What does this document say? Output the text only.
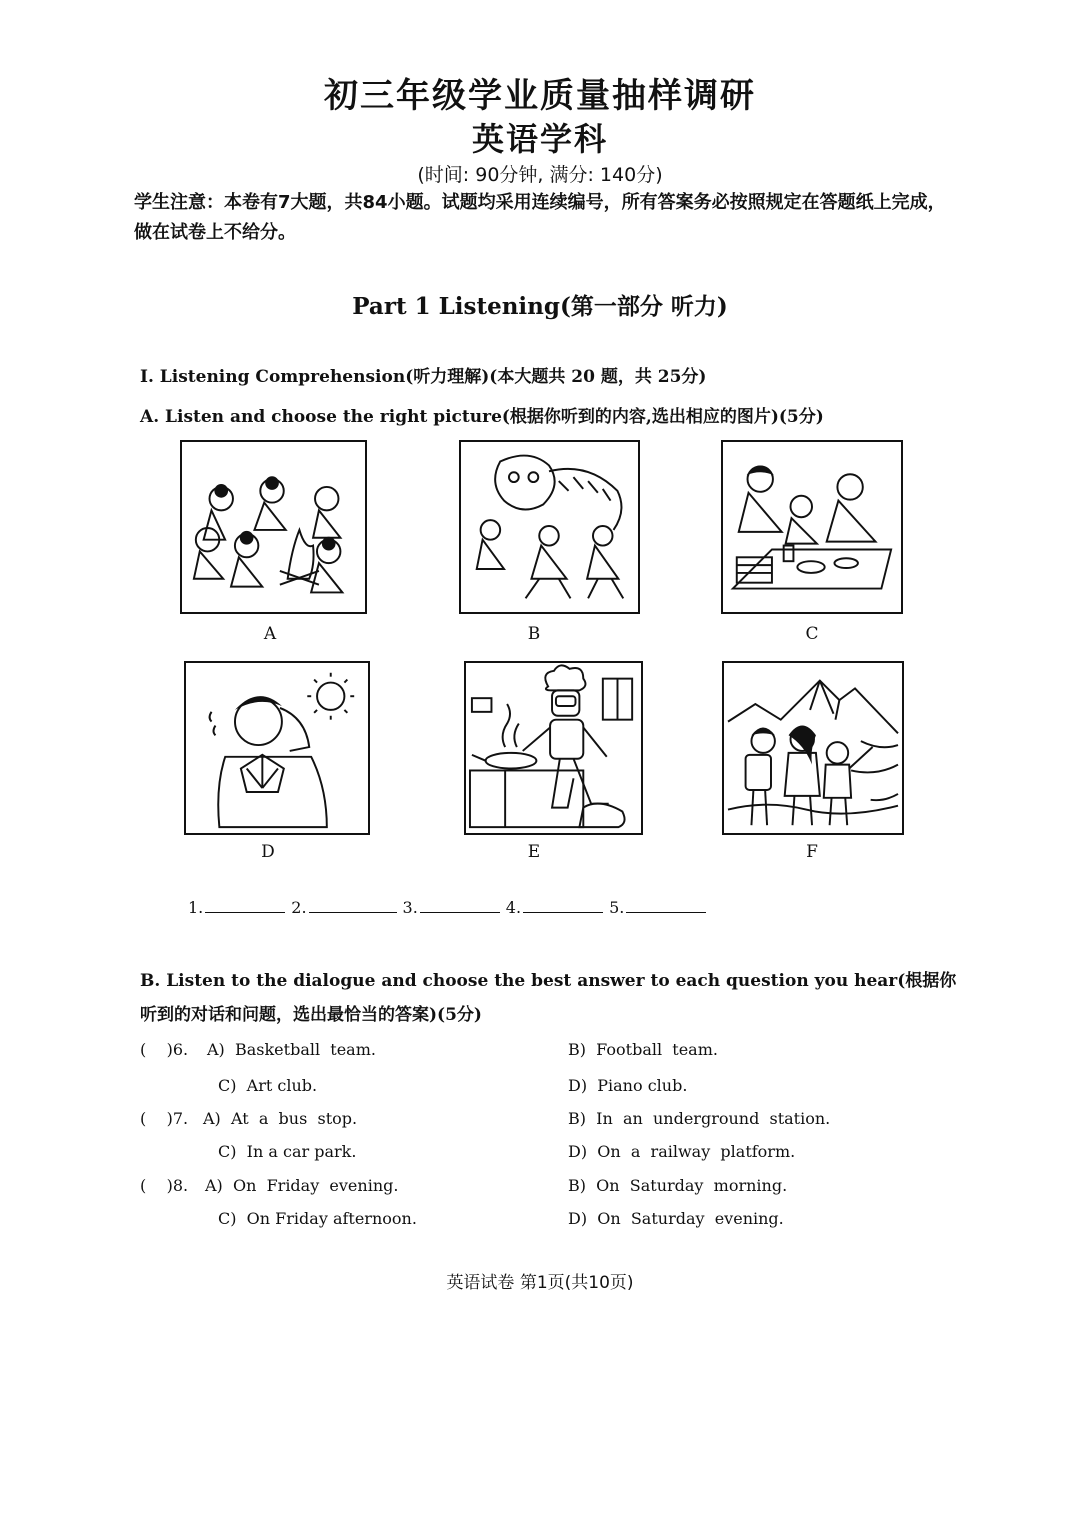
初三年级学业质量抽样调研
英语学科
(时间: 90分钟, 满分: 140分)
学生注意：本卷有7大题，共84小题。试题均采用连续编号，所有答案务必按照规定在答题纸上完成，做在试卷上不给分。
Part 1 Listening(第一部分 听力)
I. Listening Comprehension(听力理解)(本大题共 20 题，共 25分)
A. Listen and choose the right picture(根据你听到的内容,选出相应的图片)(5分)
A	B	C
D	E	F
1.	2.	3.	4.	5.
B. Listen to the dialogue and choose the best answer to each question you hear(根据你听到的对话和问题，选出最恰当的答案)(5分)
(    )6. A)  Basketball  team.	B)  Football  team.
C)  Art club.	D)  Piano club.
(    )7. A)  At  a  bus  stop.	B)  In  an  underground  station.
C)  In a car park.	D)  On  a  railway  platform.
(    )8. A)  On  Friday  evening.	B)  On  Saturday  morning.
C)  On Friday afternoon.	D)  On  Saturday  evening.
英语试卷 第1页(共10页)
